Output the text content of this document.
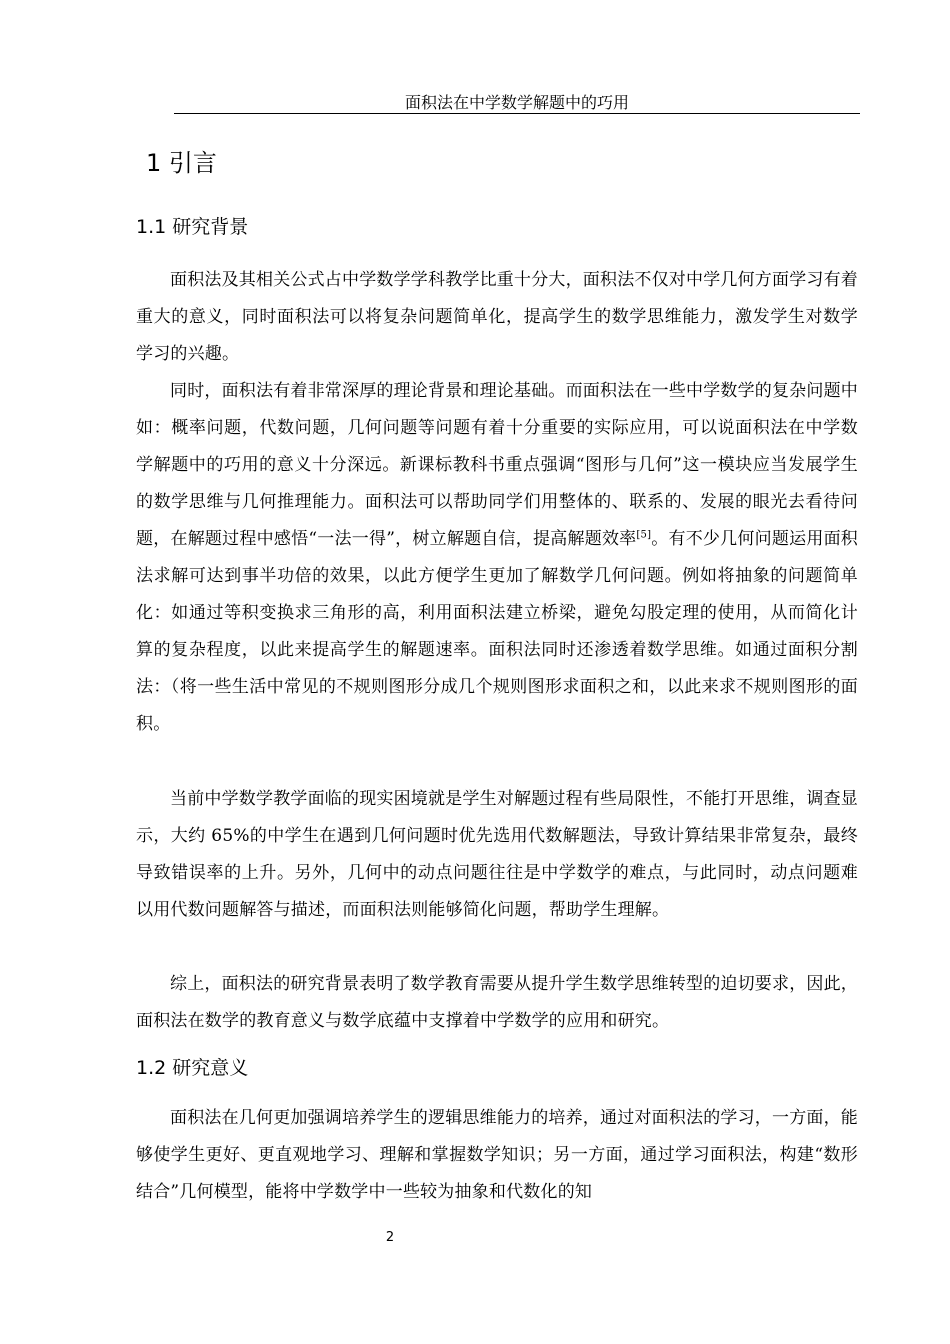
面积法在中学数学解题中的巧用
1 引言
1.1 研究背景

面积法及其相关公式占中学数学学科教学比重十分大，面积法不仅对中学几何方面学习有着重大的意义，同时面积法可以将复杂问题简单化，提高学生的数学思维能力，激发学生对数学学习的兴趣。

同时，面积法有着非常深厚的理论背景和理论基础。而面积法在一些中学数学的复杂问题中如：概率问题，代数问题，几何问题等问题有着十分重要的实际应用，可以说面积法在中学数学解题中的巧用的意义十分深远。新课标教科书重点强调“图形与几何”这一模块应当发展学生的数学思维与几何推理能力。面积法可以帮助同学们用整体的、联系的、发展的眼光去看待问题，在解题过程中感悟“一法一得”，树立解题自信，提高解题效率[5]。有不少几何问题运用面积法求解可达到事半功倍的效果，以此方便学生更加了解数学几何问题。例如将抽象的问题简单化：如通过等积变换求三角形的高，利用面积法建立桥梁，避免勾股定理的使用，从而简化计算的复杂程度，以此来提高学生的解题速率。面积法同时还渗透着数学思维。如通过面积分割法：（将一些生活中常见的不规则图形分成几个规则图形求面积之和，以此来求不规则图形的面积。

当前中学数学教学面临的现实困境就是学生对解题过程有些局限性，不能打开思维，调查显示，大约 65%的中学生在遇到几何问题时优先选用代数解题法，导致计算结果非常复杂，最终导致错误率的上升。另外，几何中的动点问题往往是中学数学的难点，与此同时，动点问题难以用代数问题解答与描述，而面积法则能够简化问题，帮助学生理解。

综上，面积法的研究背景表明了数学教育需要从提升学生数学思维转型的迫切要求，因此，面积法在数学的教育意义与数学底蕴中支撑着中学数学的应用和研究。

1.2 研究意义

面积法在几何更加强调培养学生的逻辑思维能力的培养，通过对面积法的学习，一方面，能够使学生更好、更直观地学习、理解和掌握数学知识；另一方面，通过学习面积法，构建“数形结合”几何模型，能将中学数学中一些较为抽象和代数化的知

2
